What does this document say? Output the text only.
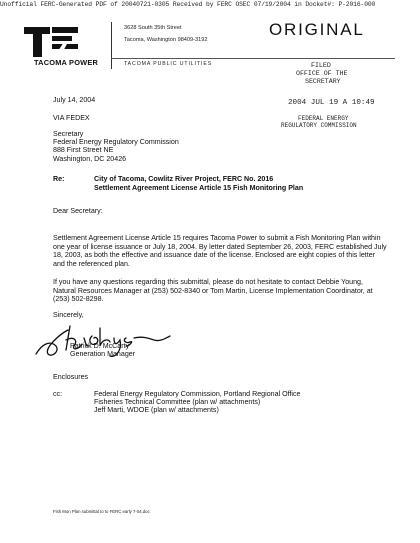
Unofficial FERC-Generated PDF of 20040721-0305 Received by FERC OSEC 07/19/2004 in Docket#: P-2016-000
TACOMA POWER
3628 South 35th Street
Tacoma, Washington 98409-3192
TACOMA PUBLIC UTILITIES
ORIGINAL
FILED
OFFICE OF THE
SECRETARY
2004 JUL 19 A 10:49
FEDERAL ENERGY
REGULATORY COMMISSION
July 14, 2004
VIA FEDEX
Secretary
Federal Energy Regulatory Commission
888 First Street NE
Washington, DC 20426
Re:	City of Tacoma, Cowlitz River Project, FERC No. 2016
Settlement Agreement License Article 15 Fish Monitoring Plan
Dear Secretary:
Settlement Agreement License Article 15 requires Tacoma Power to submit a Fish Monitoring Plan within one year of license issuance or July 18, 2004. By letter dated September 26, 2003, FERC established July 18, 2003, as both the effective and issuance date of the license. Enclosed are eight copies of this letter and the referenced plan.
If you have any questions regarding this submittal, please do not hesitate to contact Debbie Young, Natural Resources Manager at (253) 502-8340 or Tom Martin, License Implementation Coordinator, at (253) 502-8298.
Sincerely,
Patrick D. McCarty
Generation Manager
Enclosures
cc:	Federal Energy Regulatory Commission, Portland Regional Office
Fisheries Technical Committee (plan w/ attachments)
Jeff Marti, WDOE (plan w/ attachments)
Fish Mon Plan submittal to to FERC early 7-04.doc
